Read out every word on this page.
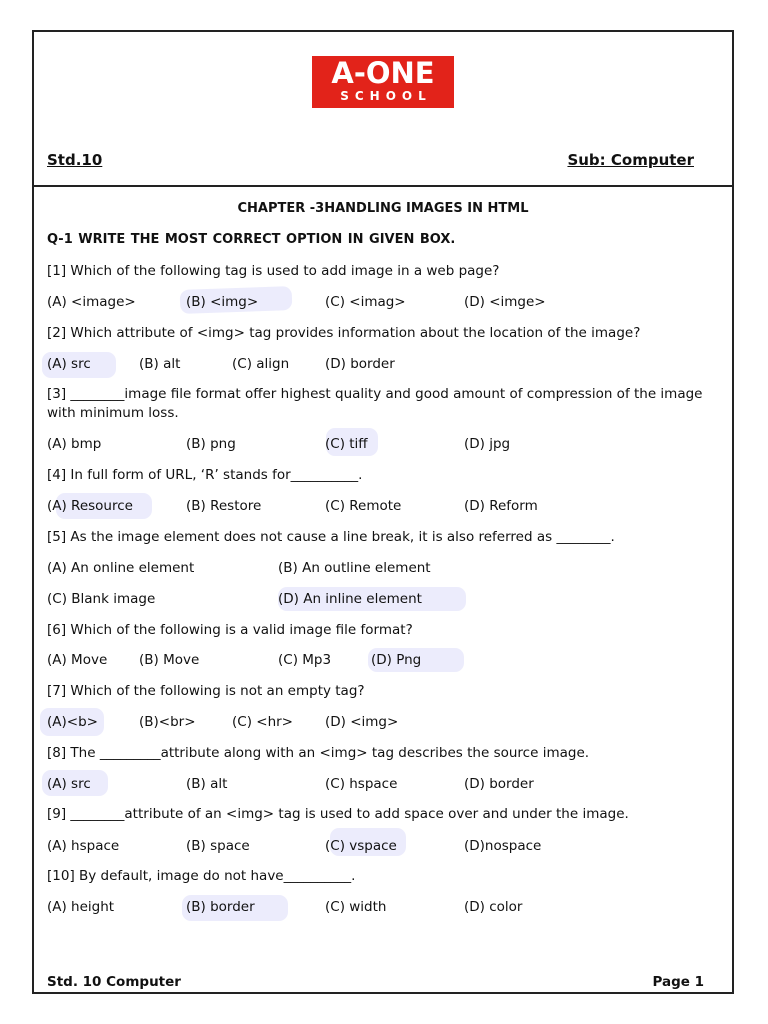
A-ONE
SCHOOL
Std.10	Sub: Computer
CHAPTER -3HANDLING IMAGES IN HTML
Q-1 WRITE THE MOST CORRECT OPTION IN GIVEN BOX.
[1] Which of the following tag is used to add image in a web page?
(A) <image>	(B) <img>	(C) <imag>	(D) <imge>
[2] Which attribute of <img> tag provides information about the location of the image?
(A) src	(B) alt	(C) align	(D) border
[3] ________image file format offer highest quality and good amount of compression of the image with minimum loss.
(A) bmp	(B) png	(C) tiff	(D) jpg
[4] In full form of URL, ‘R’ stands for__________.
(A) Resource	(B) Restore	(C) Remote	(D) Reform
[5] As the image element does not cause a line break, it is also referred as ________.
(A) An online element	(B) An outline element
(C) Blank image	(D) An inline element
[6] Which of the following is a valid image file format?
(A) Move (B) Move	(C) Mp3	(D) Png
[7] Which of the following is not an empty tag?
(A)<b>	(B)<br>	(C) <hr> (D) <img>
[8] The _________attribute along with an <img> tag describes the source image.
(A) src	(B) alt	(C) hspace	(D) border
[9] ________attribute of an <img> tag is used to add space over and under the image.
(A) hspace	(B) space	(C) vspace	(D)nospace
[10] By default, image do not have__________.
(A) height	(B) border	(C) width	(D) color
Std. 10 Computer	Page 1
